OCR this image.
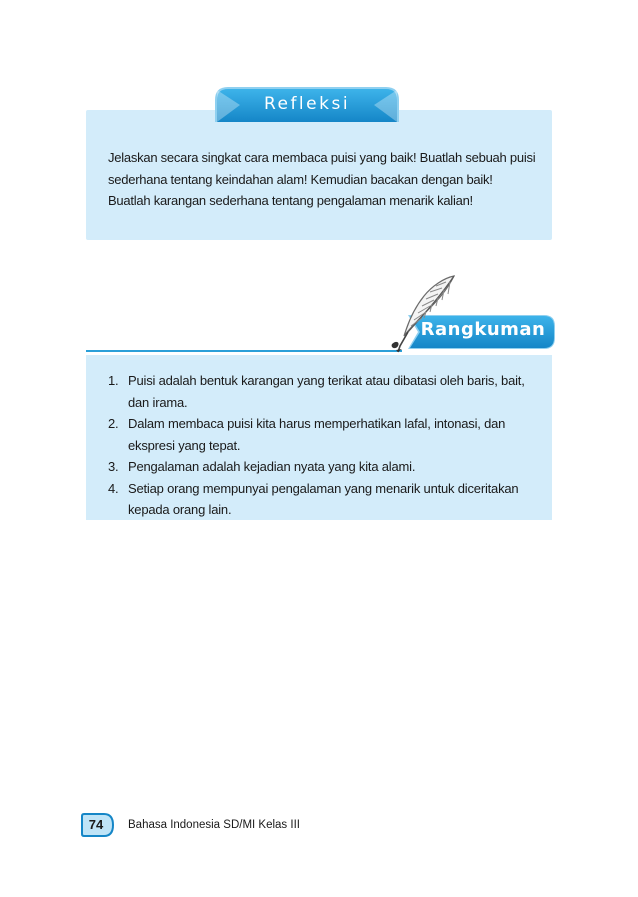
Refleksi

Jelaskan secara singkat cara membaca puisi yang baik! Buatlah sebuah puisi sederhana tentang keindahan alam! Kemudian bacakan dengan baik!

Buatlah karangan sederhana tentang pengalaman menarik kalian!

Rangkuman
1. Puisi adalah bentuk karangan yang terikat atau dibatasi oleh baris, bait, dan irama.
2. Dalam membaca puisi kita harus memperhatikan lafal, intonasi, dan ekspresi yang tepat.
3. Pengalaman adalah kejadian nyata yang kita alami.
4. Setiap orang mempunyai pengalaman yang menarik untuk diceritakan kepada orang lain.
74	Bahasa Indonesia SD/MI Kelas III
